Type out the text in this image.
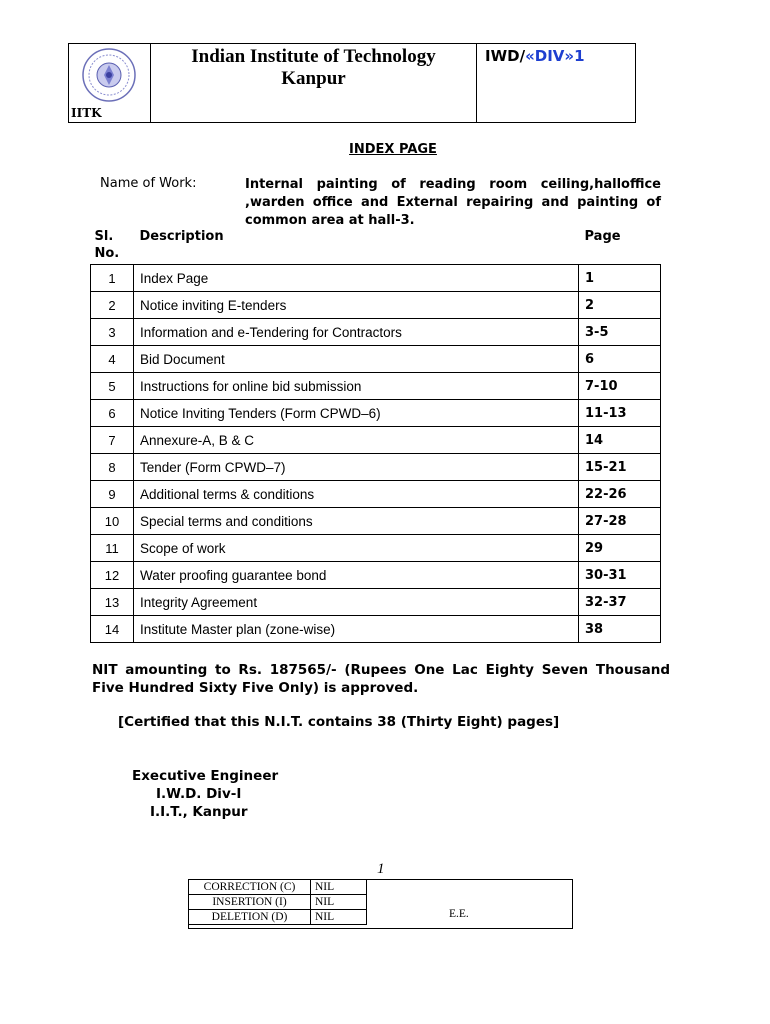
IITK
Indian Institute of Technology
Kanpur
IWD/«DIV»1
INDEX PAGE
Name of Work:	Internal painting of reading room ceiling,halloffice ,warden office and External repairing and painting of common area at hall-3.
Sl.
No.	Description	Page
1	Index Page	1
2	Notice inviting E-tenders	2
3	Information and e-Tendering for Contractors	3-5
4	Bid Document	6
5	Instructions for online bid submission	7-10
6	Notice Inviting Tenders (Form CPWD–6)	11-13
7	Annexure-A, B & C	14
8	Tender (Form CPWD–7)	15-21
9	Additional terms & conditions	22-26
10	Special terms and conditions	27-28
11	Scope of work	29
12	Water proofing guarantee bond	30-31
13	Integrity Agreement	32-37
14	Institute Master plan (zone-wise)	38
NIT amounting to Rs. 187565/- (Rupees One Lac Eighty Seven Thousand Five Hundred Sixty Five Only) is approved.
[Certified that this N.I.T. contains 38 (Thirty Eight) pages]
Executive Engineer
I.W.D. Div-I
I.I.T., Kanpur
1
CORRECTION (C)	NIL
INSERTION (I)	NIL
DELETION (D)	NIL	E.E.
